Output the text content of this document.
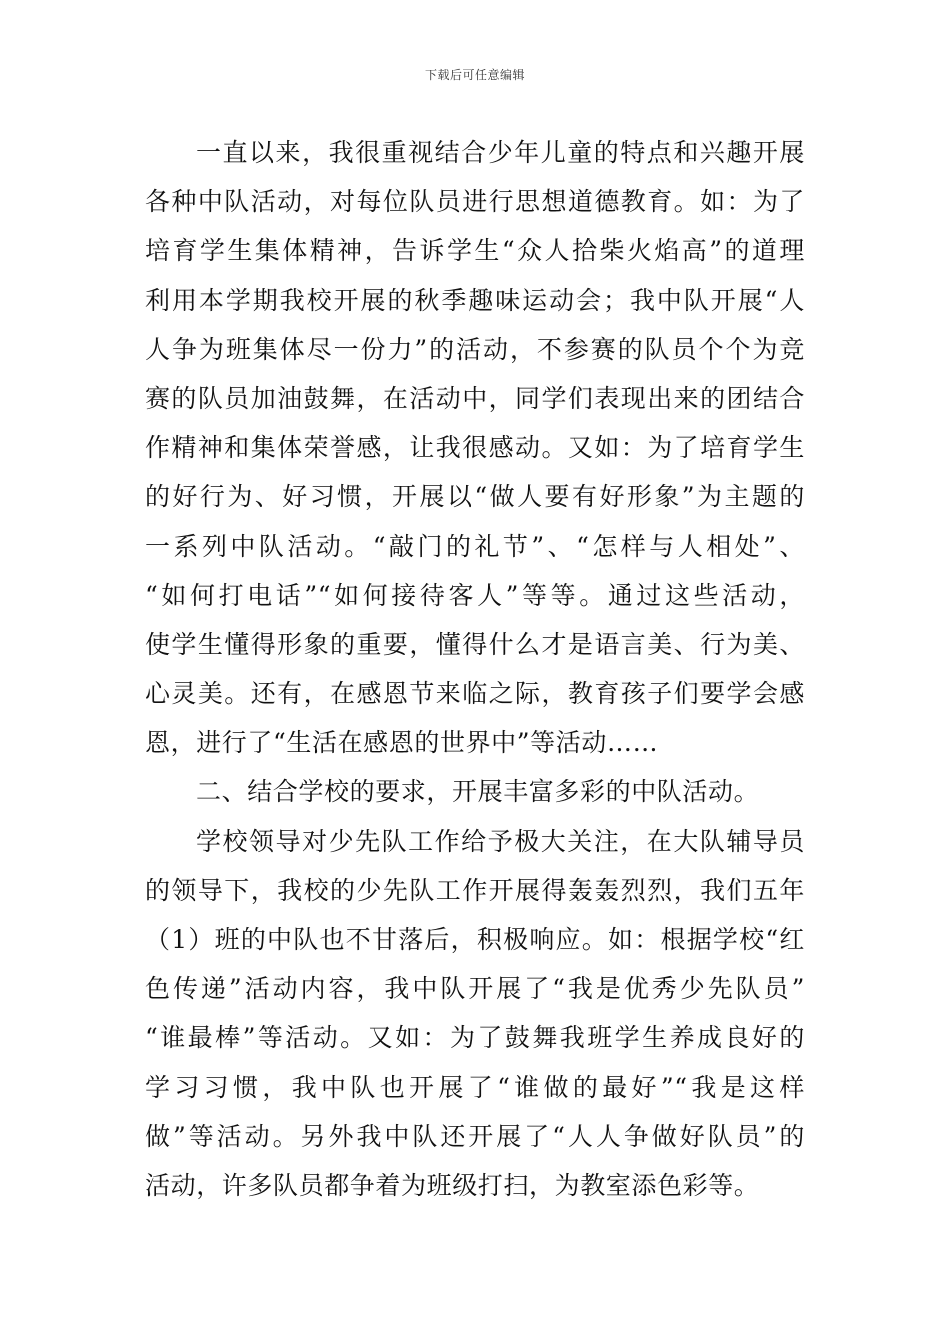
下载后可任意编辑
一直以来，我很重视结合少年儿童的特点和兴趣开展
各种中队活动，对每位队员进行思想道德教育。如：为了
培育学生集体精神，告诉学生“众人拾柴火焰高”的道理
利用本学期我校开展的秋季趣味运动会；我中队开展“人
人争为班集体尽一份力”的活动，不参赛的队员个个为竞
赛的队员加油鼓舞，在活动中，同学们表现出来的团结合
作精神和集体荣誉感，让我很感动。又如：为了培育学生
的好行为、好习惯，开展以“做人要有好形象”为主题的
一系列中队活动。“敲门的礼节”、“怎样与人相处”、
“如何打电话”“如何接待客人”等等。通过这些活动，
使学生懂得形象的重要，懂得什么才是语言美、行为美、
心灵美。还有，在感恩节来临之际，教育孩子们要学会感
恩，进行了“生活在感恩的世界中”等活动……
二、结合学校的要求，开展丰富多彩的中队活动。
学校领导对少先队工作给予极大关注，在大队辅导员
的领导下，我校的少先队工作开展得轰轰烈烈，我们五年
（1）班的中队也不甘落后，积极响应。如：根据学校“红
色传递”活动内容，我中队开展了“我是优秀少先队员”
“谁最棒”等活动。又如：为了鼓舞我班学生养成良好的
学习习惯，我中队也开展了“谁做的最好”“我是这样
做”等活动。另外我中队还开展了“人人争做好队员”的
活动，许多队员都争着为班级打扫，为教室添色彩等。
